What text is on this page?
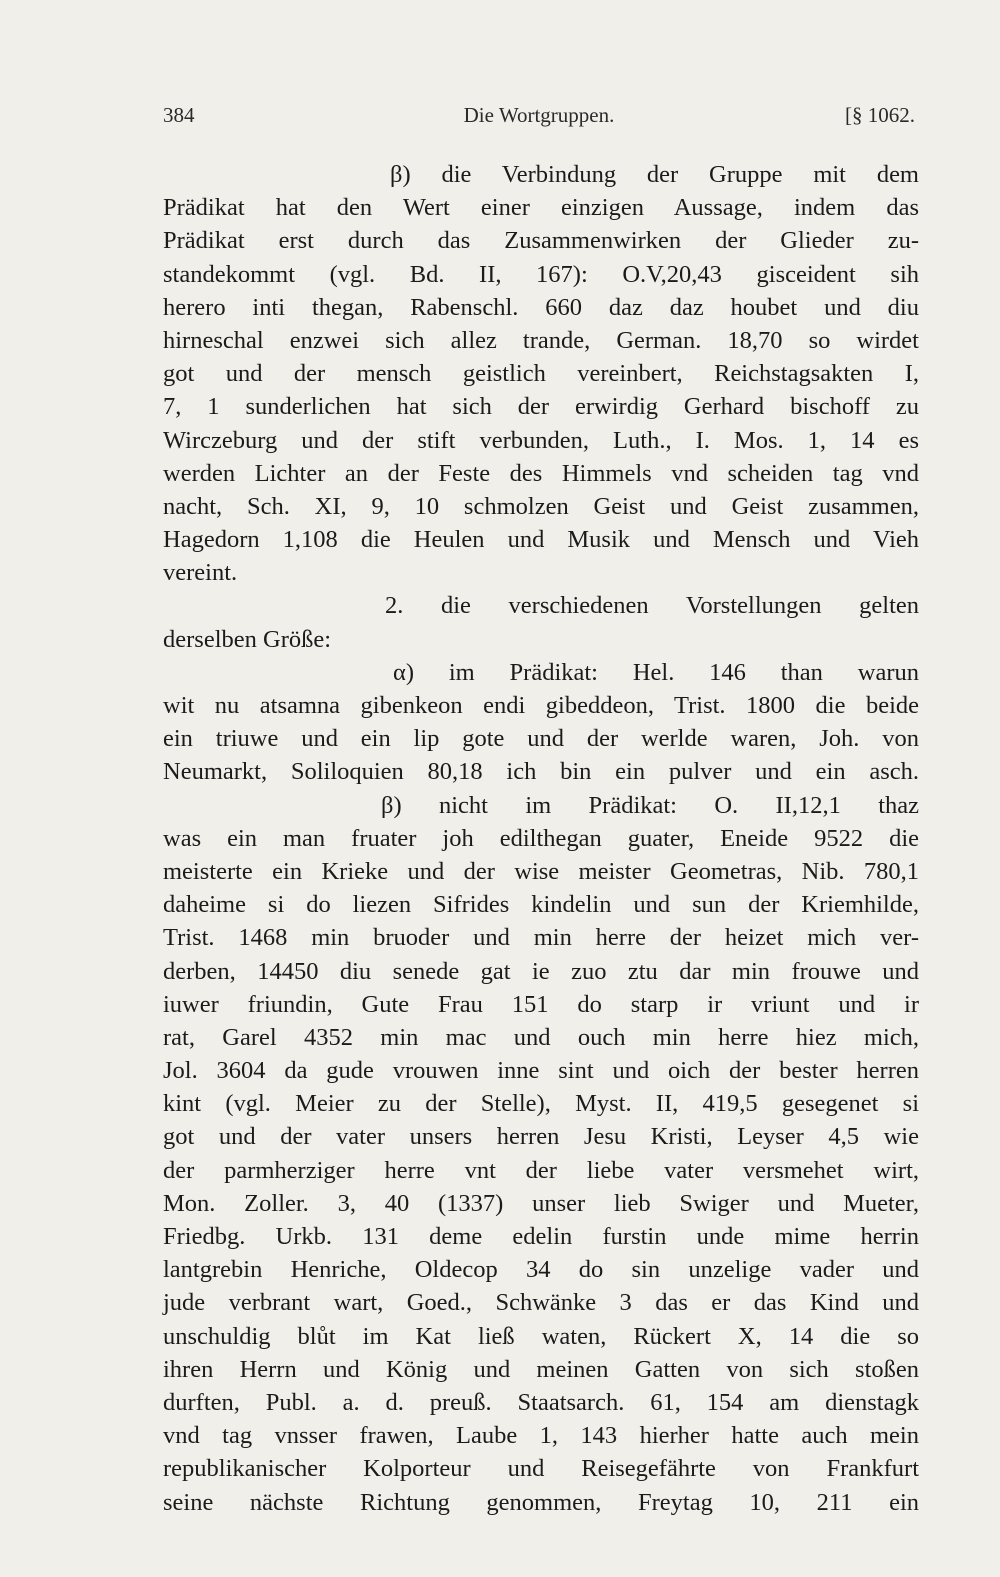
384	Die Wortgruppen.	[§ 1062.
β) die Verbindung der Gruppe mit dem
Prädikat hat den Wert einer einzigen Aussage, indem das
Prädikat erst durch das Zusammenwirken der Glieder zu-
standekommt (vgl. Bd. II, 167): O.V,20,43 gisceident sih
herero inti thegan, Rabenschl. 660 daz daz houbet und diu
hirneschal enzwei sich allez trande, German. 18,70 so wirdet
got und der mensch geistlich vereinbert, Reichstagsakten I,
7, 1 sunderlichen hat sich der erwirdig Gerhard bischoff zu
Wirczeburg und der stift verbunden, Luth., I. Mos. 1, 14 es
werden Lichter an der Feste des Himmels vnd scheiden tag vnd
nacht, Sch. XI, 9, 10 schmolzen Geist und Geist zusammen,
Hagedorn 1,108 die Heulen und Musik und Mensch und Vieh
vereint.
2. die verschiedenen Vorstellungen gelten
derselben Größe:
α) im Prädikat: Hel. 146 than warun
wit nu atsamna gibenkeon endi gibeddeon, Trist. 1800 die beide
ein triuwe und ein lip gote und der werlde waren, Joh. von
Neumarkt, Soliloquien 80,18 ich bin ein pulver und ein asch.
β) nicht im Prädikat: O. II,12,1 thaz
was ein man fruater joh edilthegan guater, Eneide 9522 die
meisterte ein Krieke und der wise meister Geometras, Nib. 780,1
daheime si do liezen Sifrides kindelin und sun der Kriemhilde,
Trist. 1468 min bruoder und min herre der heizet mich ver-
derben, 14450 diu senede gat ie zuo ztu dar min frouwe und
iuwer friundin, Gute Frau 151 do starp ir vriunt und ir
rat, Garel 4352 min mac und ouch min herre hiez mich,
Jol. 3604 da gude vrouwen inne sint und oich der bester herren
kint (vgl. Meier zu der Stelle), Myst. II, 419,5 gesegenet si
got und der vater unsers herren Jesu Kristi, Leyser 4,5 wie
der parmherziger herre vnt der liebe vater versmehet wirt,
Mon. Zoller. 3, 40 (1337) unser lieb Swiger und Mueter,
Friedbg. Urkb. 131 deme edelin furstin unde mime herrin
lantgrebin Henriche, Oldecop 34 do sin unzelige vader und
jude verbrant wart, Goed., Schwänke 3 das er das Kind und
unschuldig blůt im Kat ließ waten, Rückert X, 14 die so
ihren Herrn und König und meinen Gatten von sich stoßen
durften, Publ. a. d. preuß. Staatsarch. 61, 154 am dienstagk
vnd tag vnsser frawen, Laube 1, 143 hierher hatte auch mein
republikanischer Kolporteur und Reisegefährte von Frankfurt
seine nächste Richtung genommen, Freytag 10, 211 ein
